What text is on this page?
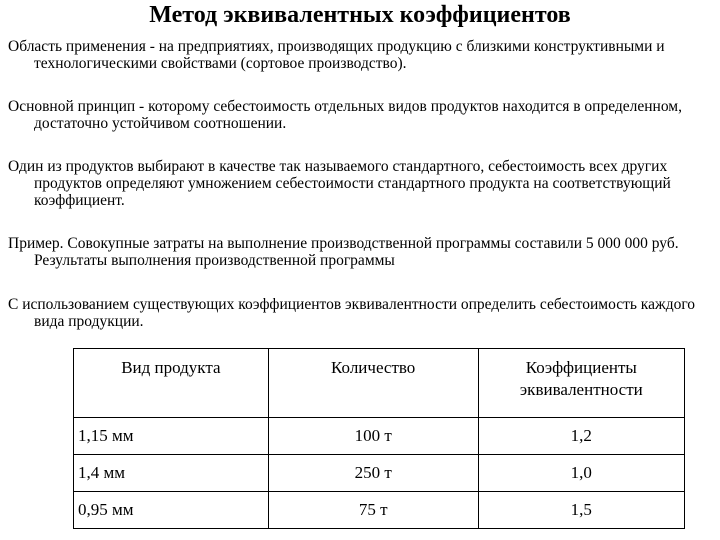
Метод эквивалентных коэффициентов
Область применения - на предприятиях, производящих продукцию с близкими конструктивными и технологическими свойствами (сортовое производство).
Основной принцип - которому себестоимость отдельных видов продуктов находится в определенном, достаточно устойчивом соотношении.
Один из продуктов выбирают в качестве так называемого стандартного, себестоимость всех других продуктов определяют умножением себестоимости стандартного продукта на соответствующий коэффициент.
Пример. Совокупные затраты на выполнение производственной программы составили 5 000 000 руб. Результаты выполнения производственной программы
С использованием существующих коэффициентов эквивалентности определить себестоимость каждого вида продукции.
Вид продукта	Количество	Коэффициенты эквивалентности
1,15 мм	100 т	1,2
1,4 мм	250 т	1,0
0,95 мм	75 т	1,5
